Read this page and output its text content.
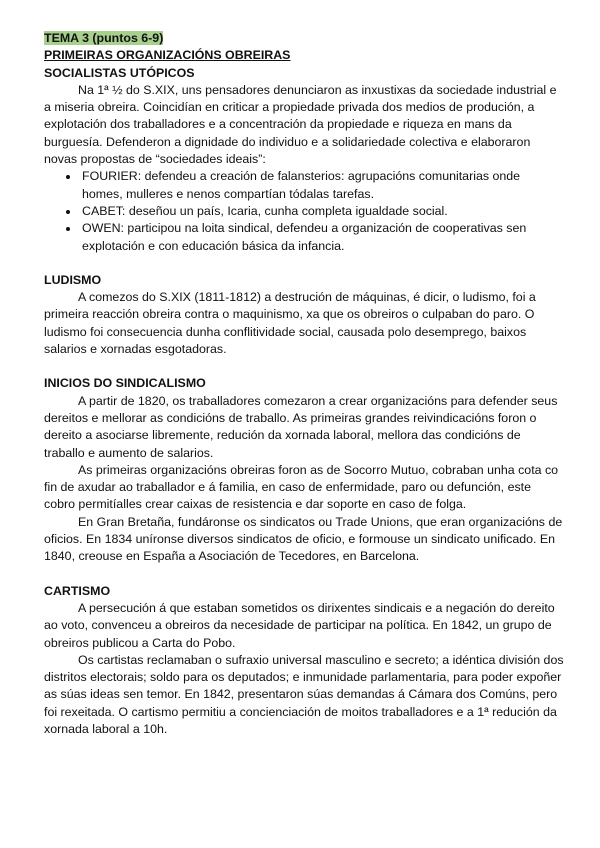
TEMA 3 (puntos 6-9)

PRIMEIRAS ORGANIZACIÓNS OBREIRAS

SOCIALISTAS UTÓPICOS

Na 1ª ½ do S.XIX, uns pensadores denunciaron as inxustixas da sociedade industrial e a miseria obreira. Coincidían en criticar a propiedade privada dos medios de produción, a explotación dos traballadores e a concentración da propiedade e riqueza en mans da burguesía. Defenderon a dignidade do individuo e a solidariedade colectiva e elaboraron novas propostas de “sociedades ideais”:

• FOURIER: defendeu a creación de falansterios: agrupacións comunitarias onde homes, mulleres e nenos compartían tódalas tarefas.
• CABET: deseñou un país, Icaria, cunha completa igualdade social.
• OWEN: participou na loita sindical, defendeu a organización de cooperativas sen explotación e con educación básica da infancia.

LUDISMO

A comezos do S.XIX (1811-1812) a destrución de máquinas, é dicir, o ludismo, foi a primeira reacción obreira contra o maquinismo, xa que os obreiros o culpaban do paro. O ludismo foi consecuencia dunha conflitividade social, causada polo desemprego, baixos salarios e xornadas esgotadoras.

INICIOS DO SINDICALISMO

A partir de 1820, os traballadores comezaron a crear organizacións para defender seus dereitos e mellorar as condicións de traballo. As primeiras grandes reivindicacións foron o dereito a asociarse libremente, redución da xornada laboral, mellora das condicións de traballo e aumento de salarios.

As primeiras organizacións obreiras foron as de Socorro Mutuo, cobraban unha cota co fin de axudar ao traballador e á familia, en caso de enfermidade, paro ou defunción, este cobro permitíalles crear caixas de resistencia e dar soporte en caso de folga.

En Gran Bretaña, fundáronse os sindicatos ou Trade Unions, que eran organizacións de oficios. En 1834 uníronse diversos sindicatos de oficio, e formouse un sindicato unificado. En 1840, creouse en España a Asociación de Tecedores, en Barcelona.

CARTISMO

A persecución á que estaban sometidos os dirixentes sindicais e a negación do dereito ao voto, convenceu a obreiros da necesidade de participar na política. En 1842, un grupo de obreiros publicou a Carta do Pobo.

Os cartistas reclamaban o sufraxio universal masculino e secreto; a idéntica división dos distritos electorais; soldo para os deputados; e inmunidade parlamentaria, para poder expoñer as súas ideas sen temor. En 1842, presentaron súas demandas á Cámara dos Comúns, pero foi rexeitada. O cartismo permitiu a concienciación de moitos traballadores e a 1ª redución da xornada laboral a 10h.
